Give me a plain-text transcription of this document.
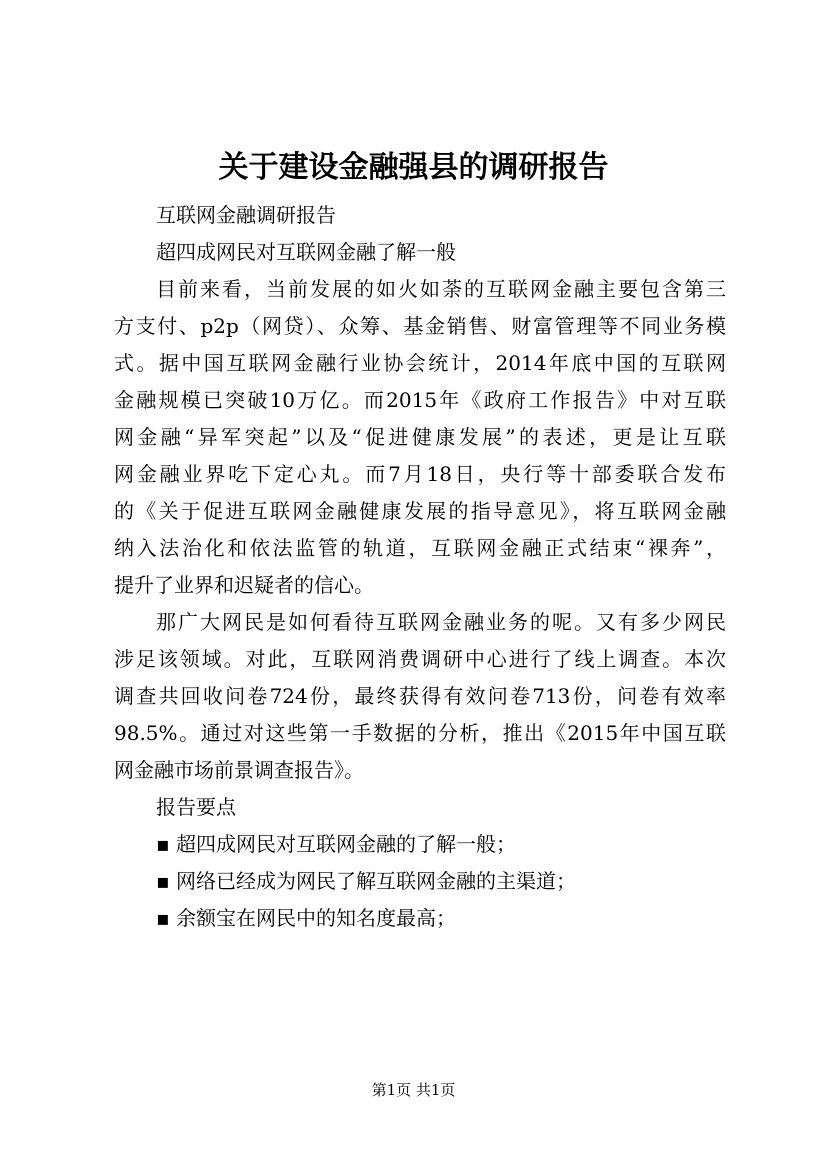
关于建设金融强县的调研报告
互联网金融调研报告
超四成网民对互联网金融了解一般
目前来看，当前发展的如火如荼的互联网金融主要包含第三
方支付、p2p（网贷）、众筹、基金销售、财富管理等不同业务模
式。据中国互联网金融行业协会统计，2014年底中国的互联网
金融规模已突破10万亿。而2015年《政府工作报告》中对互联
网金融“异军突起”以及“促进健康发展”的表述，更是让互联
网金融业界吃下定心丸。而7月18日，央行等十部委联合发布
的《关于促进互联网金融健康发展的指导意见》，将互联网金融
纳入法治化和依法监管的轨道，互联网金融正式结束“裸奔”，
提升了业界和迟疑者的信心。
那广大网民是如何看待互联网金融业务的呢。又有多少网民
涉足该领域。对此，互联网消费调研中心进行了线上调查。本次
调查共回收问卷724份，最终获得有效问卷713份，问卷有效率
98.5%。通过对这些第一手数据的分析，推出《2015年中国互联
网金融市场前景调查报告》。
报告要点
▪ 超四成网民对互联网金融的了解一般；
▪ 网络已经成为网民了解互联网金融的主渠道；
▪ 余额宝在网民中的知名度最高；
第1页 共1页
